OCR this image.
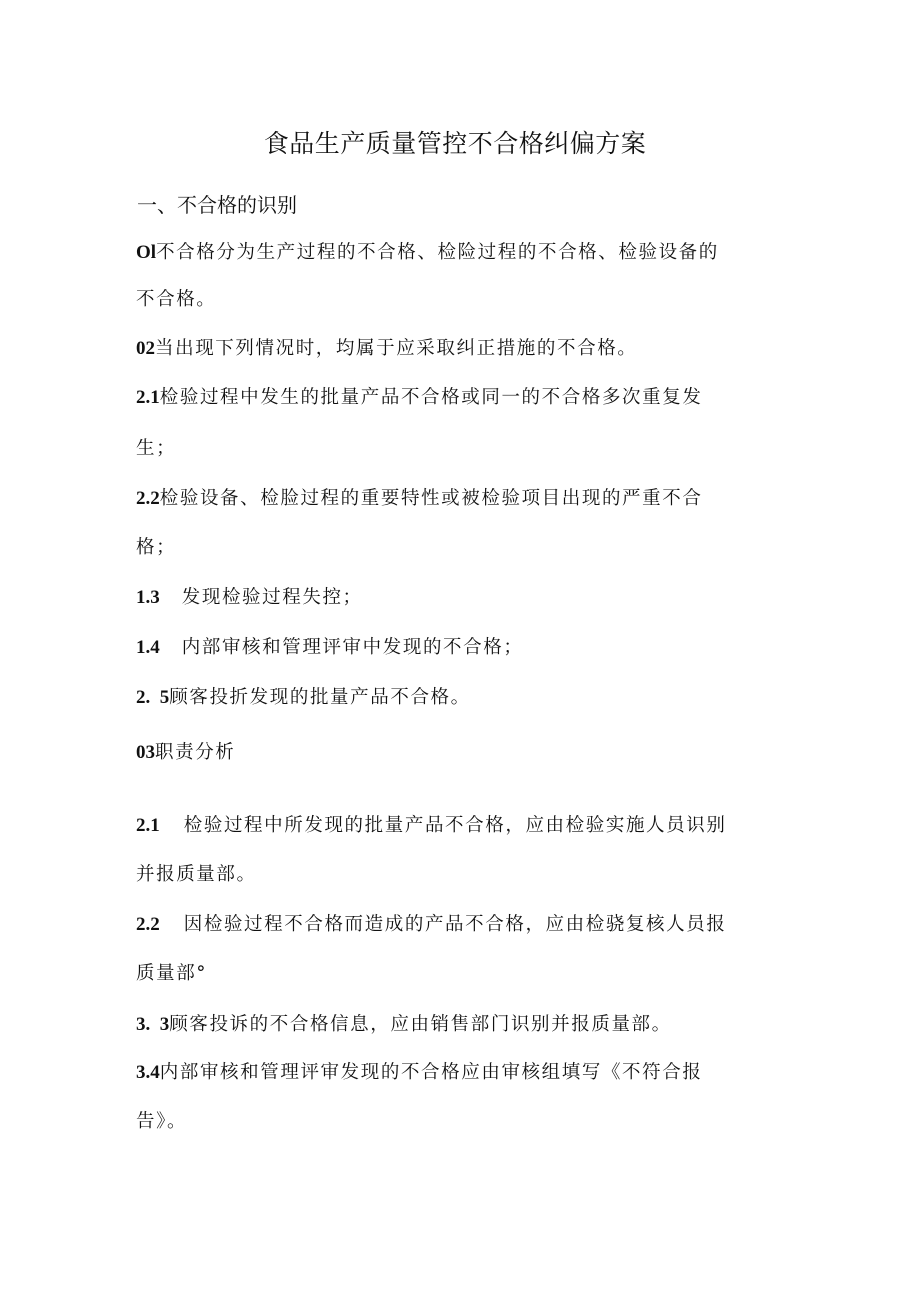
食品生产质量管控不合格纠偏方案
一、不合格的识别
Ol不合格分为生产过程的不合格、检险过程的不合格、检验设备的
不合格。
02当出现下列情况时，均属于应采取纠正措施的不合格。
2.1检验过程中发生的批量产品不合格或同一的不合格多次重复发
生；
2.2检验设备、检脸过程的重要特性或被检验项目出现的严重不合
格；
1.3 发现检验过程失控；
1.4 内部审核和管理评审中发现的不合格；
2.  5顾客投折发现的批量产品不合格。
03职责分析
2.1 检验过程中所发现的批量产品不合格，应由检验实施人员识别
并报质量部。
2.2 因检验过程不合格而造成的产品不合格，应由检骁复核人员报
质量部°
3.  3顾客投诉的不合格信息，应由销售部门识别并报质量部。
3.4内部审核和管理评审发现的不合格应由审核组填写《不符合报
告》。
